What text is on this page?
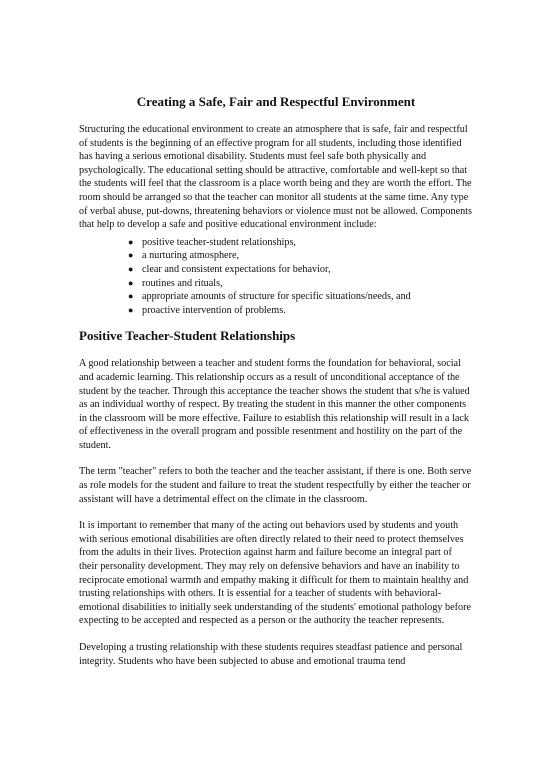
Creating a Safe, Fair and Respectful Environment

Structuring the educational environment to create an atmosphere that is safe, fair and respectful of students is the beginning of an effective program for all students, including those identified has having a serious emotional disability. Students must feel safe both physically and psychologically. The educational setting should be attractive, comfortable and well-kept so that the students will feel that the classroom is a place worth being and they are worth the effort. The room should be arranged so that the teacher can monitor all students at the same time. Any type of verbal abuse, put-downs, threatening behaviors or violence must not be allowed. Components that help to develop a safe and positive educational environment include:

● positive teacher-student relationships,
● a nurturing atmosphere,
● clear and consistent expectations for behavior,
● routines and rituals,
● appropriate amounts of structure for specific situations/needs, and
● proactive intervention of problems.
Positive Teacher-Student Relationships

A good relationship between a teacher and student forms the foundation for behavioral, social and academic learning. This relationship occurs as a result of unconditional acceptance of the student by the teacher. Through this acceptance the teacher shows the student that s/he is valued as an individual worthy of respect. By treating the student in this manner the other components in the classroom will be more effective. Failure to establish this relationship will result in a lack of effectiveness in the overall program and possible resentment and hostility on the part of the student.

The term "teacher" refers to both the teacher and the teacher assistant, if there is one. Both serve as role models for the student and failure to treat the student respectfully by either the teacher or assistant will have a detrimental effect on the climate in the classroom.

It is important to remember that many of the acting out behaviors used by students and youth with serious emotional disabilities are often directly related to their need to protect themselves from the adults in their lives. Protection against harm and failure become an integral part of their personality development. They may rely on defensive behaviors and have an inability to reciprocate emotional warmth and empathy making it difficult for them to maintain healthy and trusting relationships with others. It is essential for a teacher of students with behavioral-emotional disabilities to initially seek understanding of the students' emotional pathology before expecting to be accepted and respected as a person or the authority the teacher represents.

Developing a trusting relationship with these students requires steadfast patience and personal integrity. Students who have been subjected to abuse and emotional trauma tend
